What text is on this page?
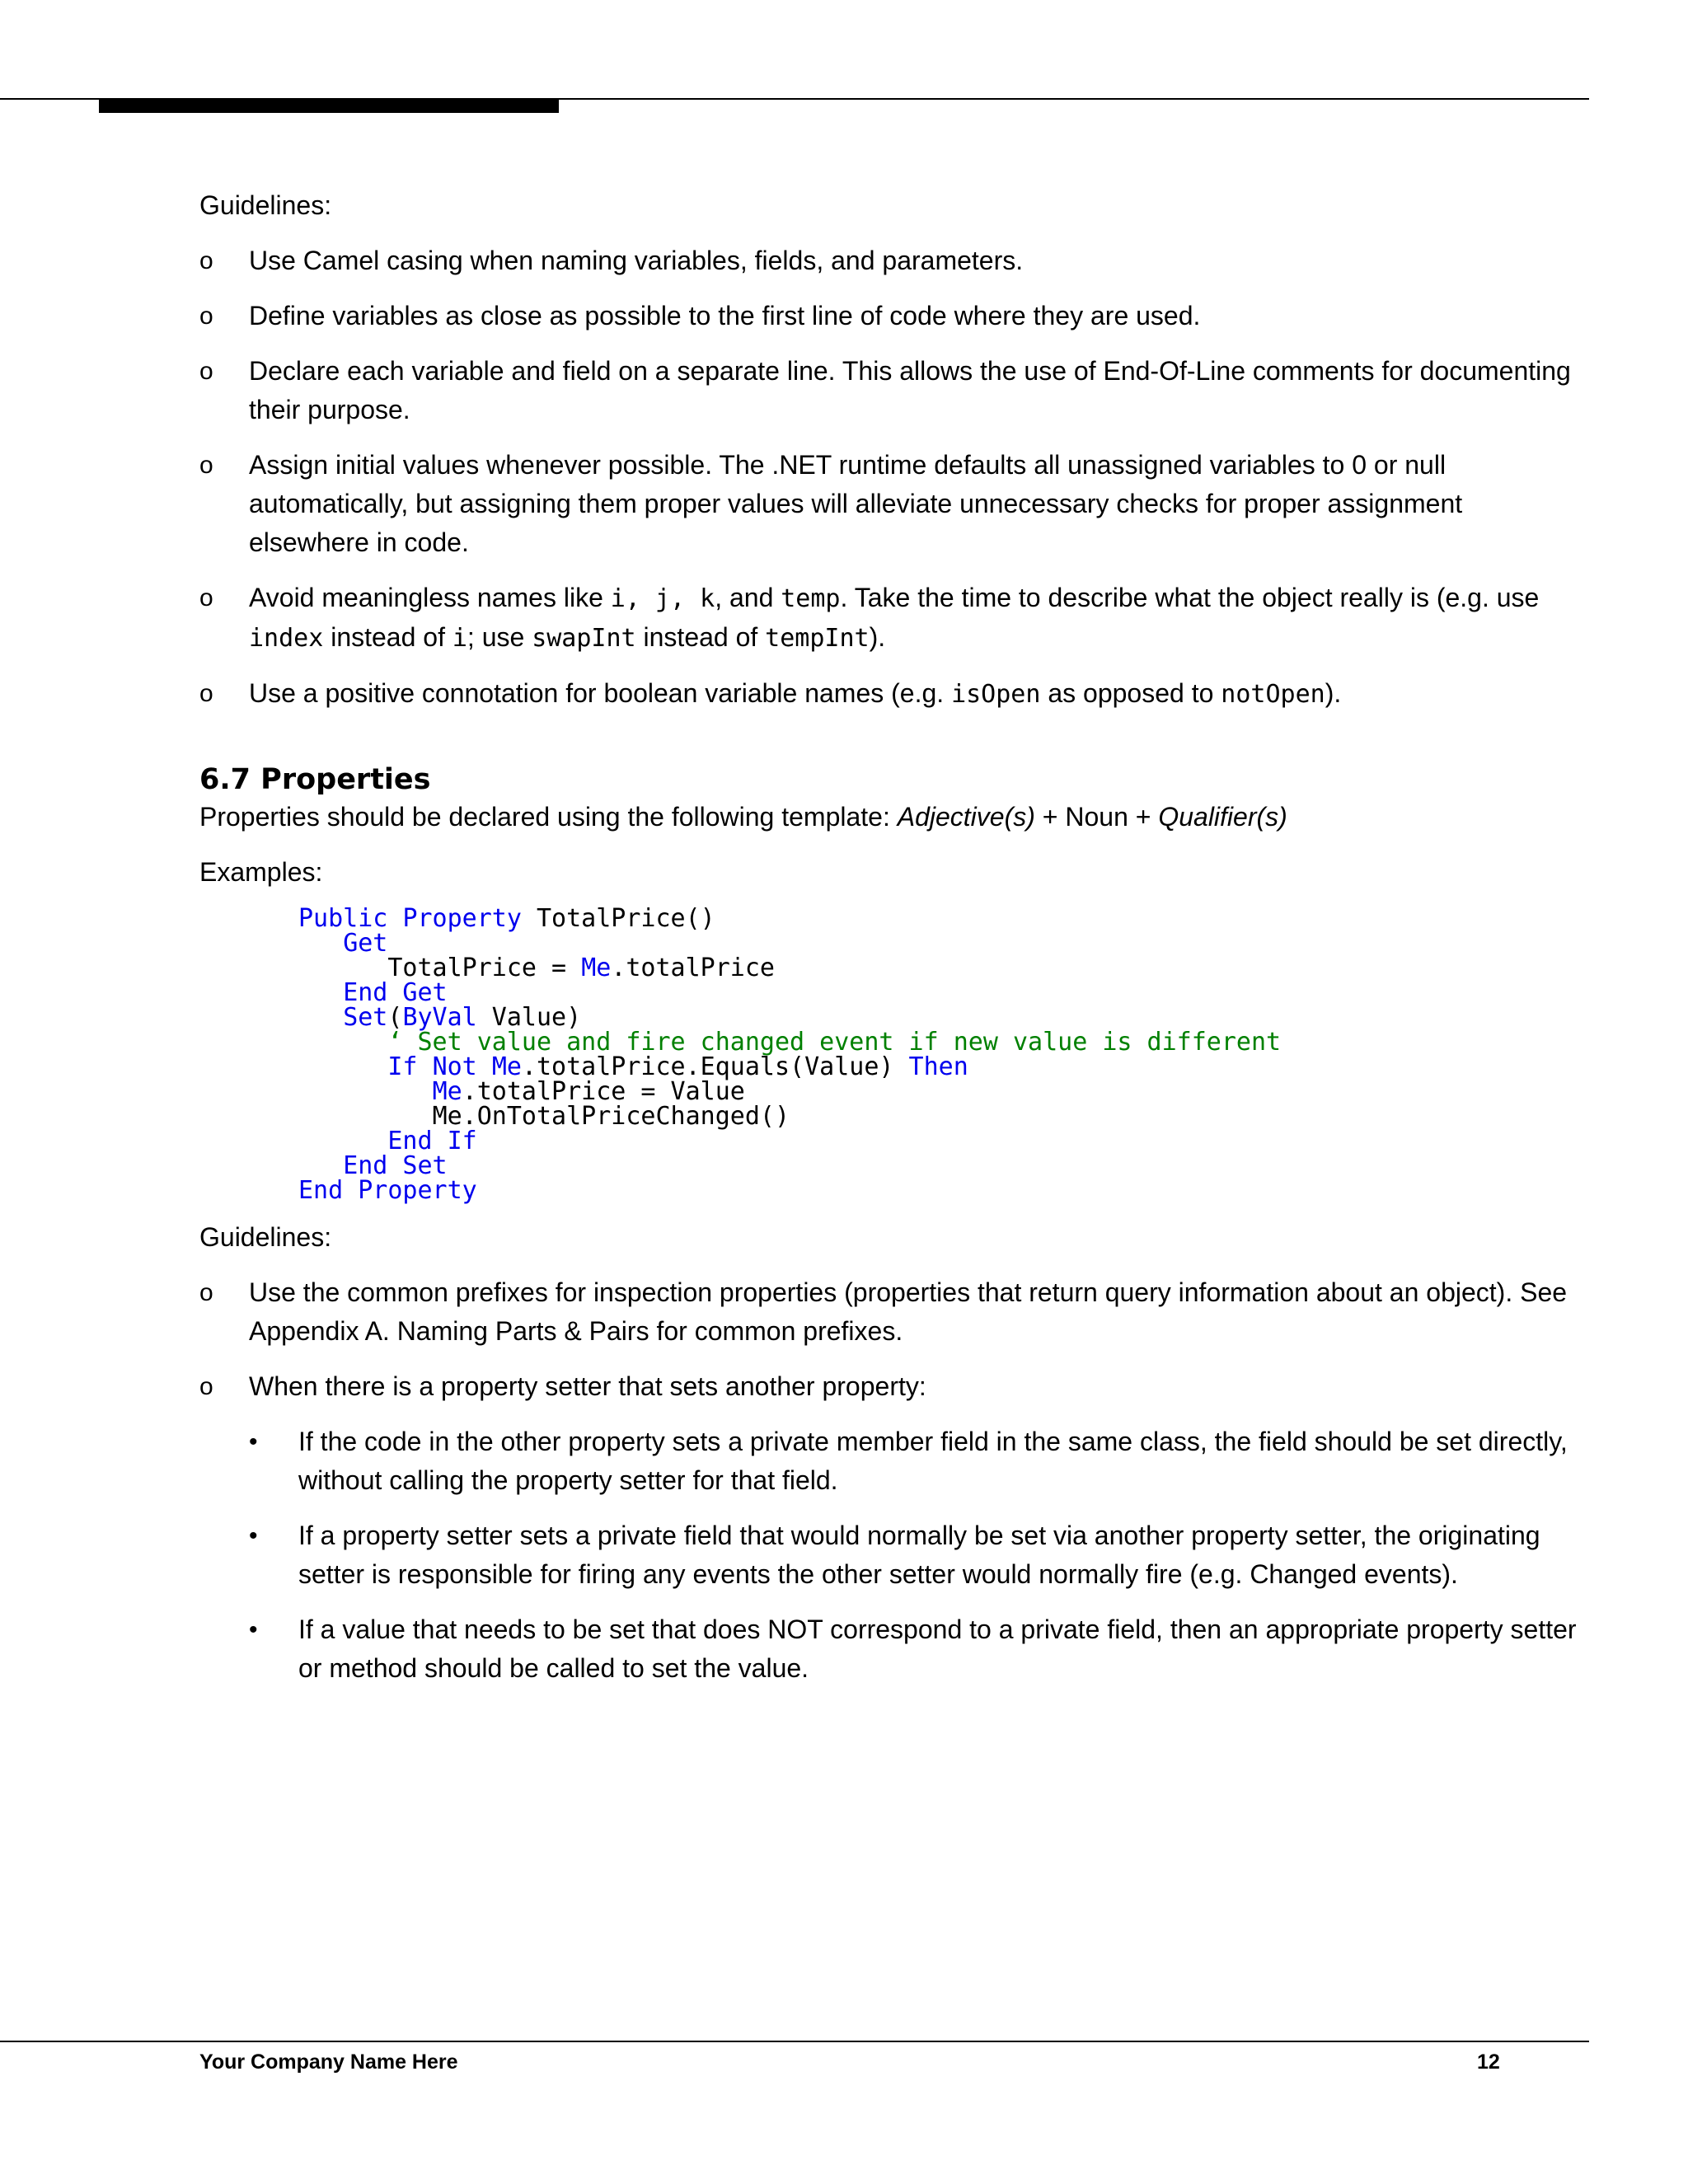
Guidelines:

o Use Camel casing when naming variables, fields, and parameters.
o Define variables as close as possible to the first line of code where they are used.
o Declare each variable and field on a separate line. This allows the use of End-Of-Line comments for documenting their purpose.
o Assign initial values whenever possible. The .NET runtime defaults all unassigned variables to 0 or null automatically, but assigning them proper values will alleviate unnecessary checks for proper assignment elsewhere in code.
o Avoid meaningless names like i, j, k, and temp. Take the time to describe what the object really is (e.g. use index instead of i; use swapInt instead of tempInt).
o Use a positive connotation for boolean variable names (e.g. isOpen as opposed to notOpen).
6.7 Properties

Properties should be declared using the following template: Adjective(s) + Noun + Qualifier(s)

Examples:

Public Property TotalPrice()
Get
TotalPrice = Me.totalPrice
End Get
Set(ByVal Value)
‘ Set value and fire changed event if new value is different
If Not Me.totalPrice.Equals(Value) Then
Me.totalPrice = Value
Me.OnTotalPriceChanged()
End If
End Set
End Property

Guidelines:

o Use the common prefixes for inspection properties (properties that return query information about an object). See Appendix A. Naming Parts & Pairs for common prefixes.
o When there is a property setter that sets another property:
• If the code in the other property sets a private member field in the same class, the field should be set directly, without calling the property setter for that field.
• If a property setter sets a private field that would normally be set via another property setter, the originating setter is responsible for firing any events the other setter would normally fire (e.g. Changed events).
• If a value that needs to be set that does NOT correspond to a private field, then an appropriate property setter or method should be called to set the value.
Your Company Name Here	12
